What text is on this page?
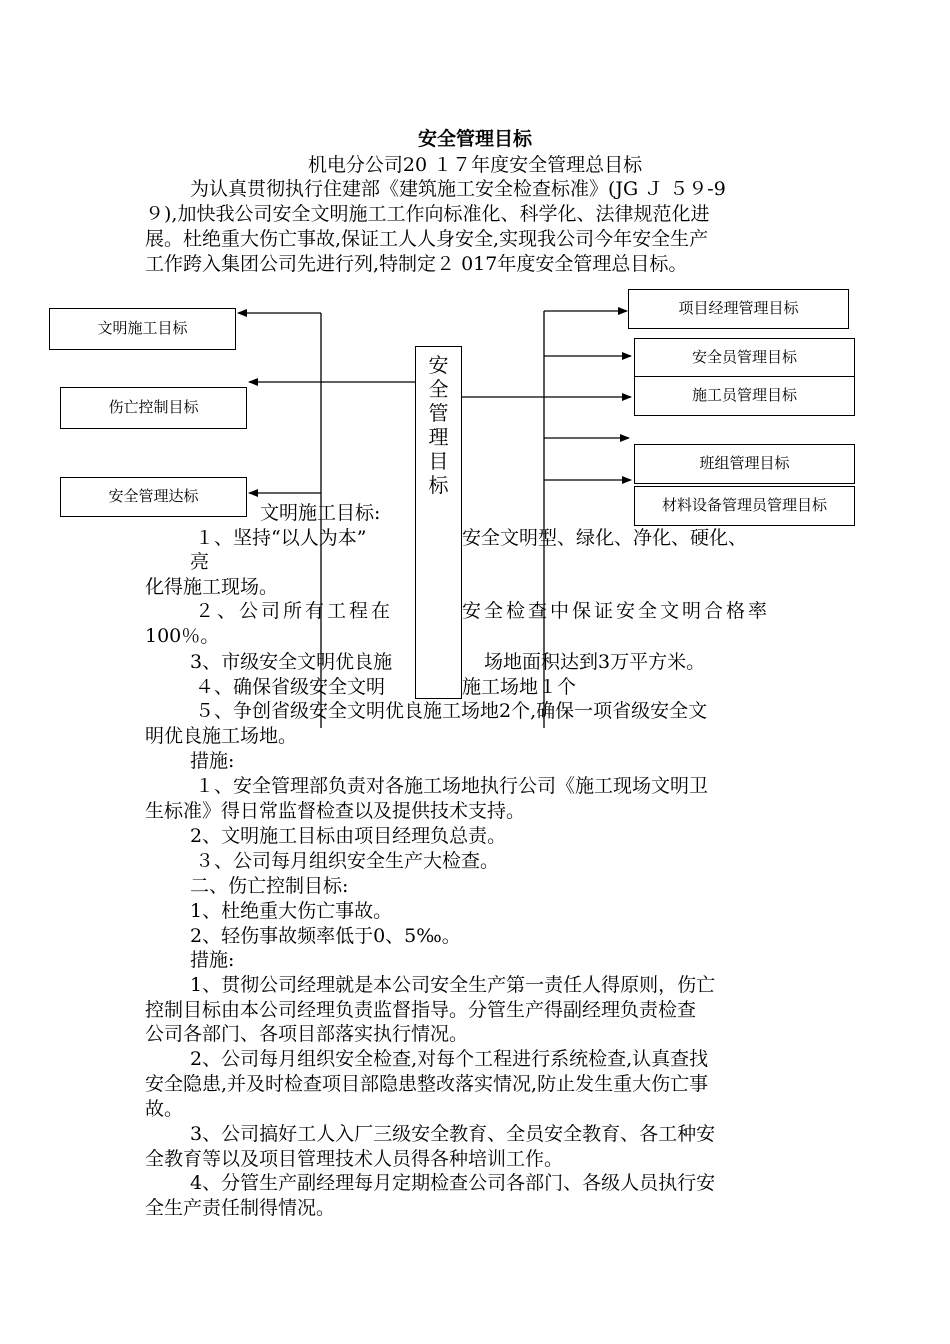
安全管理目标
机电分公司20 １７年度安全管理总目标
为认真贯彻执行住建部《建筑施工安全检查标准》(JG Ｊ ５９-9
９),加快我公司安全文明施工工作向标准化、科学化、法律规范化进
展。杜绝重大伤亡事故,保证工人人身安全,实现我公司今年安全生产
工作跨入集团公司先进行列,特制定２ 017年度安全管理总目标。
文明施工目标:
１、坚持“以人为本”	安全文明型、绿化、净化、硬化、
亮
化得施工现场。
２、公司所有工程在	安全检查中保证安全文明合格率
100％。
3、市级安全文明优良施	场地面积达到3万平方米。
４、确保省级安全文明	施工场地１个
５、争创省级安全文明优良施工场地2个,确保一项省级安全文
明优良施工场地。
措施:
１、安全管理部负责对各施工场地执行公司《施工现场文明卫
生标准》得日常监督检查以及提供技术支持。
2、文明施工目标由项目经理负总责。
３、公司每月组织安全生产大检查。
二、伤亡控制目标:
1、杜绝重大伤亡事故。
2、轻伤事故频率低于0、5‰。
措施:
1、贯彻公司经理就是本公司安全生产第一责任人得原则，伤亡
控制目标由本公司经理负责监督指导。分管生产得副经理负责检查
公司各部门、各项目部落实执行情况。
2、公司每月组织安全检查,对每个工程进行系统检查,认真查找
安全隐患,并及时检查项目部隐患整改落实情况,防止发生重大伤亡事
故。
3、公司搞好工人入厂三级安全教育、全员安全教育、各工种安
全教育等以及项目管理技术人员得各种培训工作。
4、分管生产副经理每月定期检查公司各部门、各级人员执行安
全生产责任制得情况。
安全管理目标
文明施工目标
伤亡控制目标
安全管理达标
项目经理管理目标
安全员管理目标
施工员管理目标
班组管理目标
材料设备管理员管理目标
